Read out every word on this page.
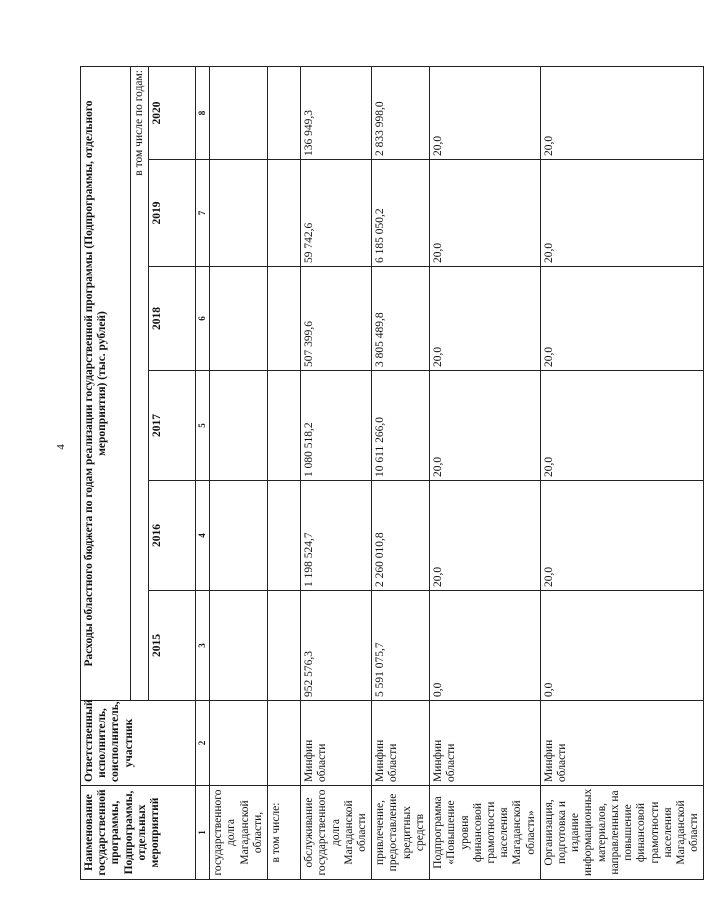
4
Наименование государственной программы, Подпрограммы, отдельных мероприятий	Ответственный исполнитель, соисполнитель, участник	Расходы областного бюджета по годам реализации государственной программы (Подпрограммы, отдельного мероприятия) (тыс. рублей)					
		в том числе по годам:					
		2015	2016	2017	2018	2019	2020
1	2	3	4	5	6	7	8
государственного долга Магаданской области,							
в том числе:							
обслуживание государственного долга Магаданской области	Минфин области	952 576,3	1 198 524,7	1 080 518,2	507 399,6	59 742,6	136 949,3
привлечение, предоставление кредитных средств	Минфин области	5 591 075,7	2 260 010,8	10 611 266,0	3 805 489,8	6 185 050,2	2 833 998,0
Подпрограмма «Повышение уровня финансовой грамотности населения Магаданской области»	Минфин области	0,0	20,0	20,0	20,0	20,0	20,0
Организация, подготовка и издание информационных материалов, направленных на повышение финансовой грамотности населения Магаданской области	Минфин области	0,0	20,0	20,0	20,0	20,0	20,0
